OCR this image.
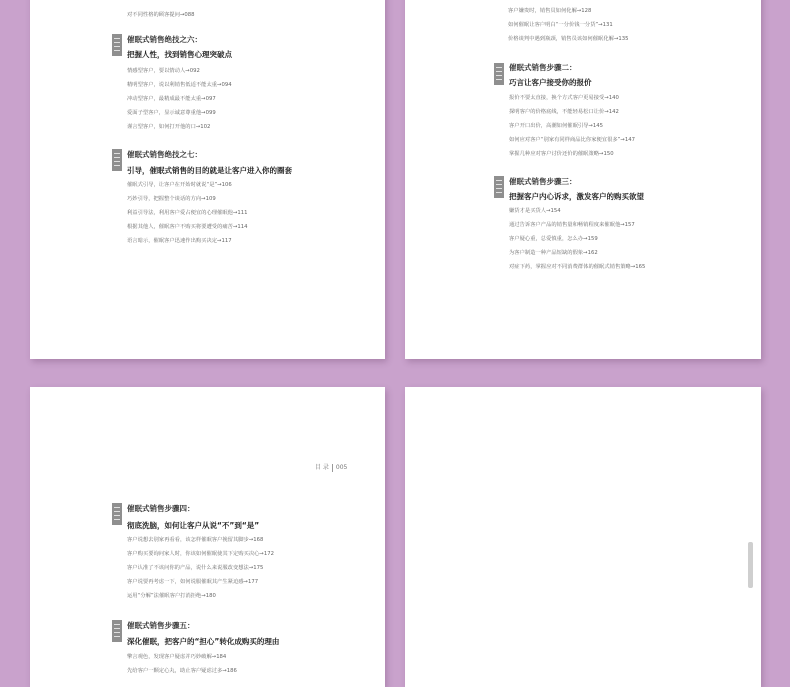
对不同性格的顾客提问→088
催眠式销售绝技之六：
把握人性，找到销售心理突破点
情感型客户，要以情动人→092
精明型客户，说以利销售低适不能太重→094
冲动型客户，最精成最不能太重→097
爱面子型客户，显示诚意尊重他→099
谨言型客户，如何打开他的口→102
催眠式销售绝技之七：
引导，催眠式销售的目的就是让客户进入你的圈套
催眠式引导，让客户在开始时就说“是”→106
巧妙引导，把握整个谈话的方向→109
利益引导法，利用客户爱占便宜的心理催眠他→111
根据其他人，催眠客户不购买将要遭受的痛苦→114
语言暗示，催眠客户迅速作出购买决定→117
客户嫌贵时，销售员如何化解→128
如何催眠让客户明白“一分价钱一分货”→131
价格谈判中遇到瓶颈，销售员该如何催眠化解→135
催眠式销售步骤二：
巧言让客户接受你的报价
报价不要太直接，换个方式客户更易接受→140
探明客户的价格底线，不能轻易松口让价→142
客户开口出价，高潮如何催眠引导→145
如何应对客户“别家有同样商品比你家便宜很多”→147
掌握几种应对客户讨价还价的催眠策略→150
催眠式销售步骤三：
把握客户内心诉求，激发客户的购买欲望
嫌货才是买货人→154
通过告诉客户产品的销售量和畅销程度来催眠他→157
客户疑心重，总爱慎重，怎么办→159
为客户制造一种产品短缺的假象→162
对症下药，掌握应对不同消费群体的催眠式销售策略→165
目 录 005
催眠式销售步骤四：
彻底洗脑，如何让客户从说“不”到“是”
客户说想去别家再看看，该怎样催眠客户挽留其脚步→168
客户购买要询问家人时，你该如何催眠使其下定购买决心→172
客户认准了不该问你的产品，说什么来说服改变想法→175
客户说要再考虑一下，如何说服催眠其产生紧迫感→177
运用“分解”法催眠客户打消拒绝→180
催眠式销售步骤五：
深化催眠，把客户的“担心”转化成购买的理由
擎言观色，发现客户疑虑并巧妙破解→184
先给客户一颗定心丸，助止客户疑虑过多→186
